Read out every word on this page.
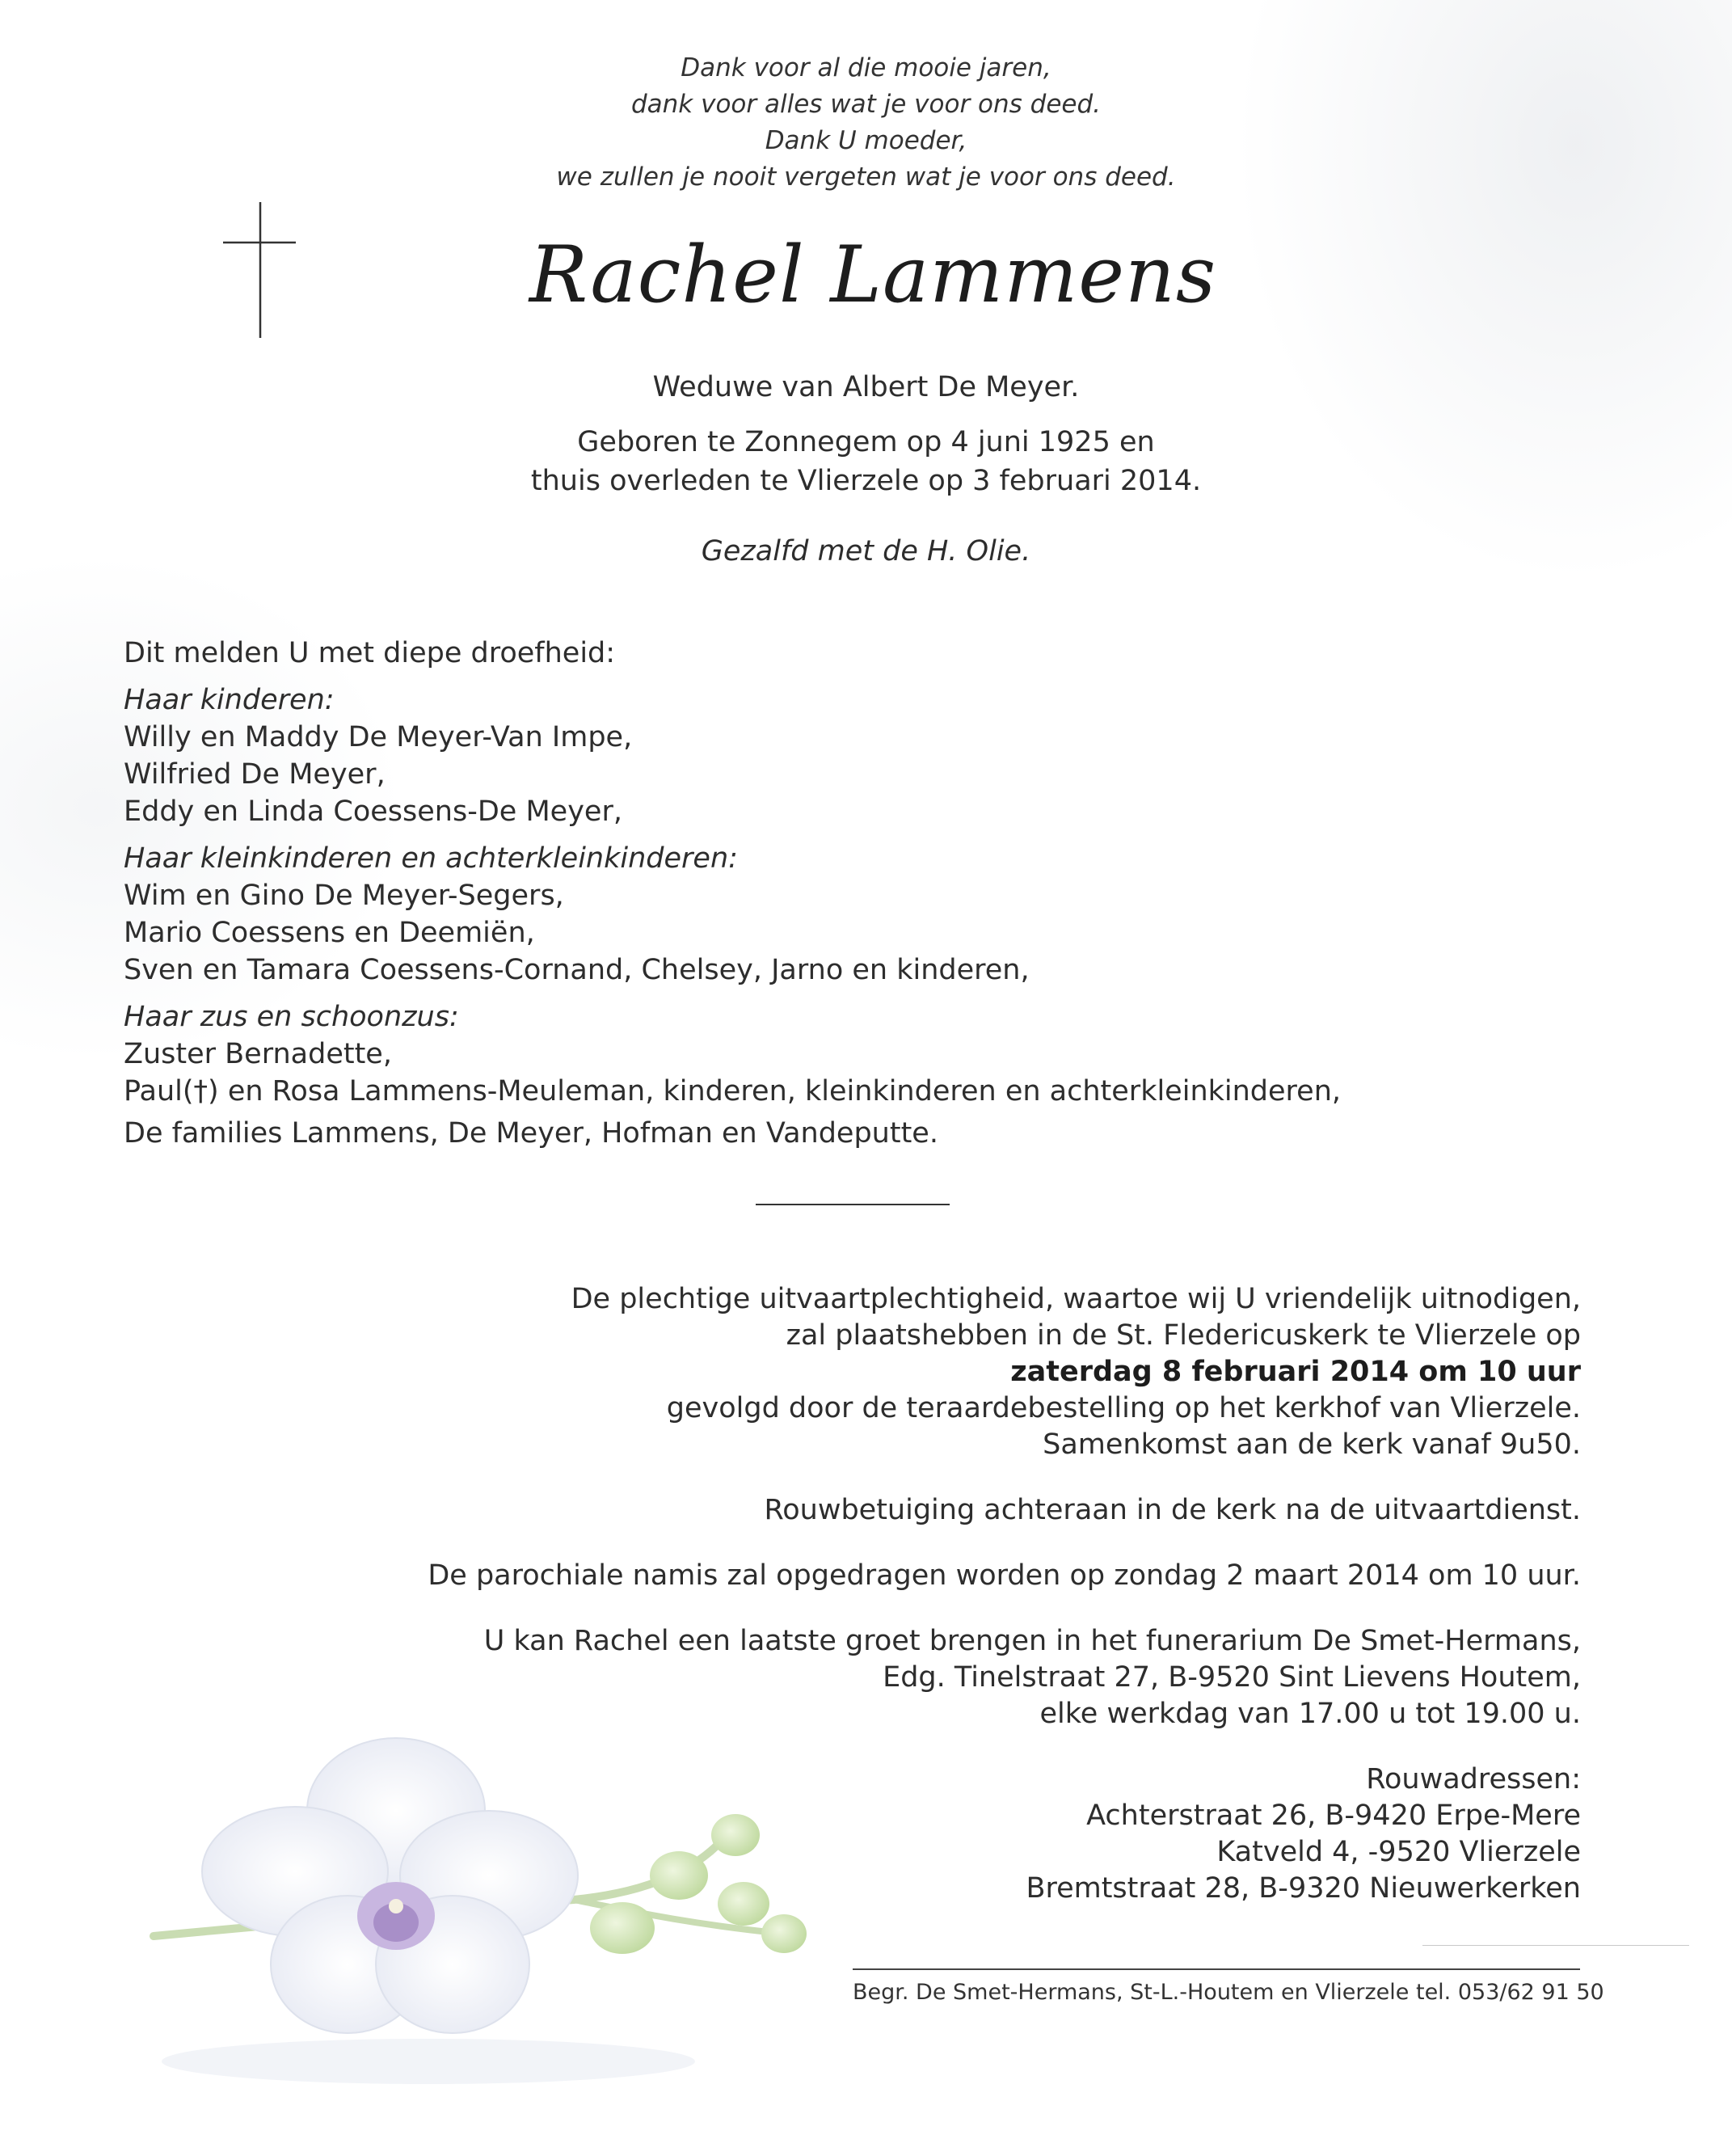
Dank voor al die mooie jaren,
dank voor alles wat je voor ons deed.
Dank U moeder,
we zullen je nooit vergeten wat je voor ons deed.
Rachel Lammens
Weduwe van Albert De Meyer.
Geboren te Zonnegem op 4 juni 1925 en
thuis overleden te Vlierzele op 3 februari 2014.
Gezalfd met de H. Olie.
Dit melden U met diepe droefheid:
Haar kinderen:
Willy en Maddy De Meyer-Van Impe,
Wilfried De Meyer,
Eddy en Linda Coessens-De Meyer,
Haar kleinkinderen en achterkleinkinderen:
Wim en Gino De Meyer-Segers,
Mario Coessens en Deemiën,
Sven en Tamara Coessens-Cornand, Chelsey, Jarno en kinderen,
Haar zus en schoonzus:
Zuster Bernadette,
Paul(†) en Rosa Lammens-Meuleman, kinderen, kleinkinderen en achterkleinkinderen,
De families Lammens, De Meyer, Hofman en Vandeputte.
De plechtige uitvaartplechtigheid, waartoe wij U vriendelijk uitnodigen,
zal plaatshebben in de St. Fledericuskerk te Vlierzele op
zaterdag 8 februari 2014 om 10 uur
gevolgd door de teraardebestelling op het kerkhof van Vlierzele.
Samenkomst aan de kerk vanaf 9u50.
Rouwbetuiging achteraan in de kerk na de uitvaartdienst.
De parochiale namis zal opgedragen worden op zondag 2 maart 2014 om 10 uur.
U kan Rachel een laatste groet brengen in het funerarium De Smet-Hermans,
Edg. Tinelstraat 27, B-9520 Sint Lievens Houtem,
elke werkdag van 17.00 u tot 19.00 u.
Rouwadressen:
Achterstraat 26, B-9420 Erpe-Mere
Katveld 4, -9520 Vlierzele
Bremtstraat 28, B-9320 Nieuwerkerken
Begr. De Smet-Hermans, St-L.-Houtem en Vlierzele tel. 053/62 91 50
